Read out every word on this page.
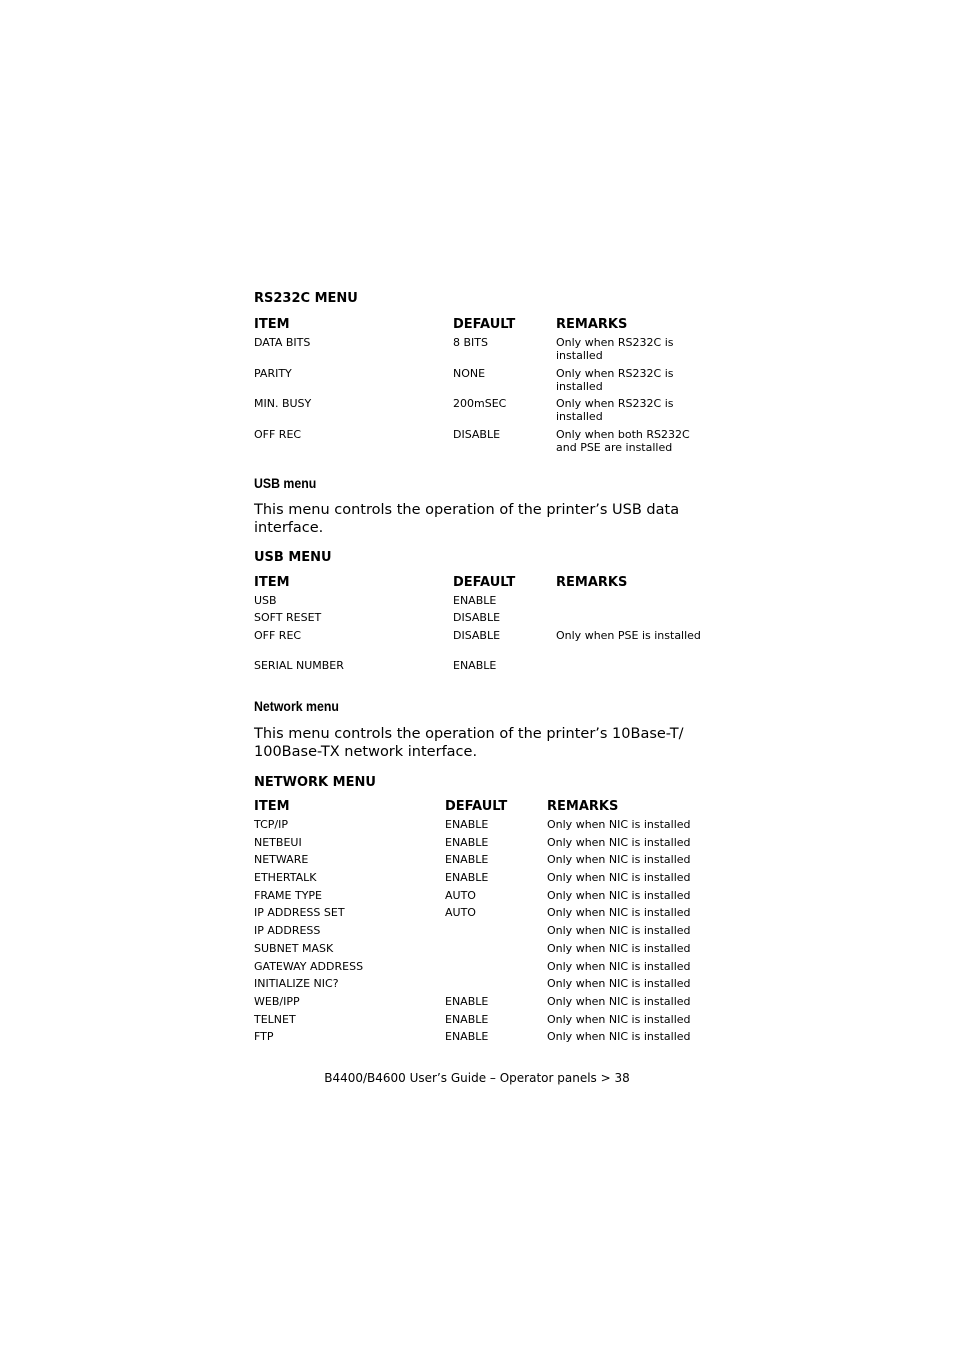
RS232C MENU
ITEM	DEFAULT	REMARKS
DATA BITS	8 BITS	Only when RS232C is installed
PARITY	NONE	Only when RS232C is installed
MIN. BUSY	200mSEC	Only when RS232C is installed
OFF REC	DISABLE	Only when both RS232C and PSE are installed
USB menu

This menu controls the operation of the printer’s USB data interface.

USB MENU
ITEM	DEFAULT	REMARKS
USB	ENABLE	
SOFT RESET	DISABLE	
OFF REC	DISABLE	Only when PSE is installed
SERIAL NUMBER	ENABLE	
Network menu

This menu controls the operation of the printer’s 10Base-T/ 100Base-TX network interface.

NETWORK MENU
ITEM	DEFAULT	REMARKS
TCP/IP	ENABLE	Only when NIC is installed
NETBEUI	ENABLE	Only when NIC is installed
NETWARE	ENABLE	Only when NIC is installed
ETHERTALK	ENABLE	Only when NIC is installed
FRAME TYPE	AUTO	Only when NIC is installed
IP ADDRESS SET	AUTO	Only when NIC is installed
IP ADDRESS		Only when NIC is installed
SUBNET MASK		Only when NIC is installed
GATEWAY ADDRESS		Only when NIC is installed
INITIALIZE NIC?		Only when NIC is installed
WEB/IPP	ENABLE	Only when NIC is installed
TELNET	ENABLE	Only when NIC is installed
FTP	ENABLE	Only when NIC is installed
B4400/B4600 User’s Guide – Operator panels > 38
